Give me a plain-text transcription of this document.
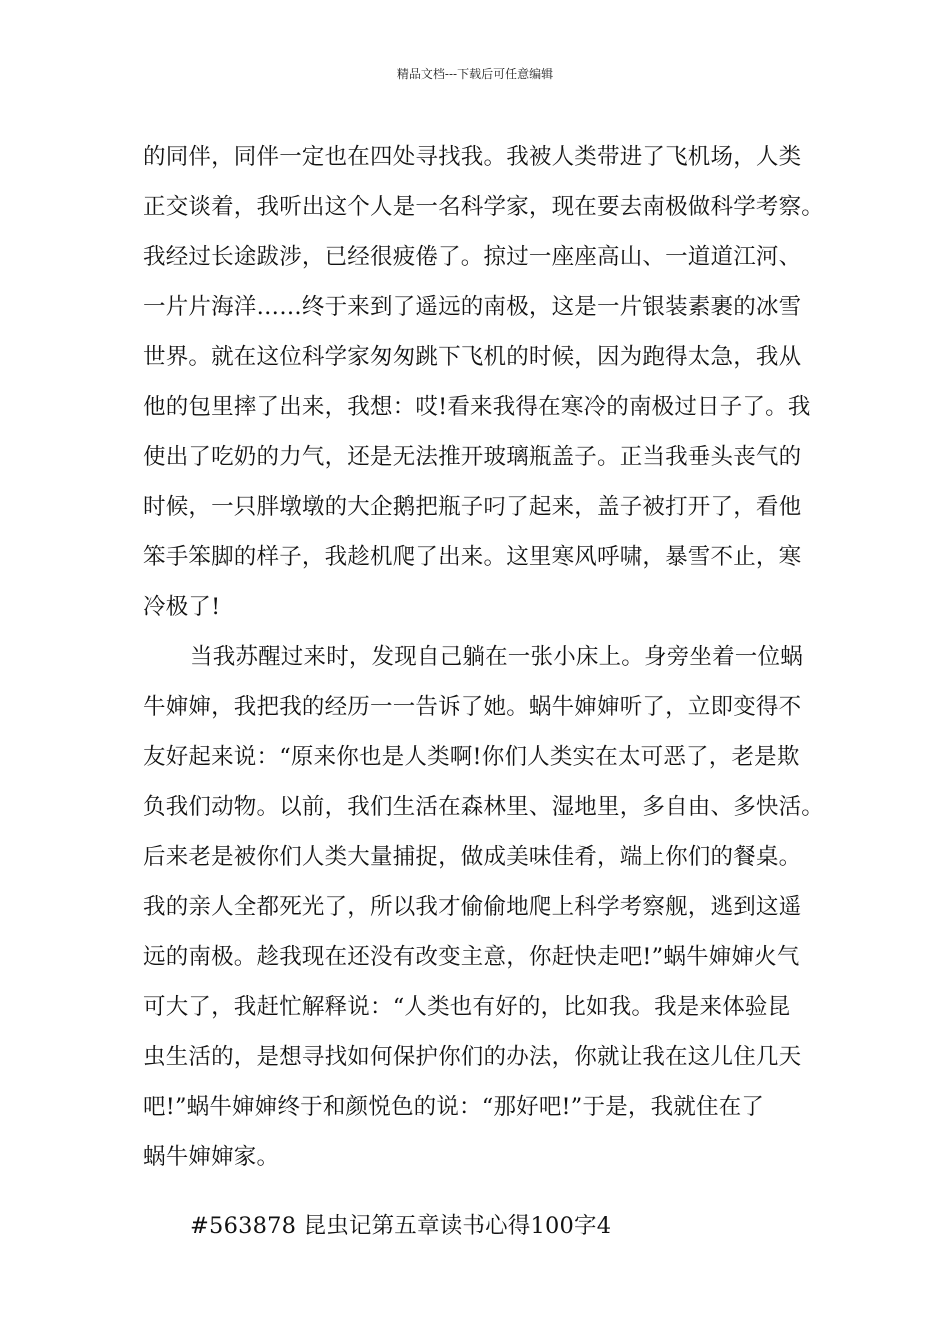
精品文档---下载后可任意编辑
的同伴，同伴一定也在四处寻找我。我被人类带进了飞机场，人类
正交谈着，我听出这个人是一名科学家，现在要去南极做科学考察。
我经过长途跋涉，已经很疲倦了。掠过一座座高山、一道道江河、
一片片海洋……终于来到了遥远的南极，这是一片银装素裹的冰雪
世界。就在这位科学家匆匆跳下飞机的时候，因为跑得太急，我从
他的包里摔了出来，我想：哎!看来我得在寒冷的南极过日子了。我
使出了吃奶的力气，还是无法推开玻璃瓶盖子。正当我垂头丧气的
时候，一只胖墩墩的大企鹅把瓶子叼了起来，盖子被打开了，看他
笨手笨脚的样子，我趁机爬了出来。这里寒风呼啸，暴雪不止，寒
冷极了!
当我苏醒过来时，发现自己躺在一张小床上。身旁坐着一位蜗
牛婶婶，我把我的经历一一告诉了她。蜗牛婶婶听了，立即变得不
友好起来说：“原来你也是人类啊!你们人类实在太可恶了，老是欺
负我们动物。以前，我们生活在森林里、湿地里，多自由、多快活。
后来老是被你们人类大量捕捉，做成美味佳肴，端上你们的餐桌。
我的亲人全都死光了，所以我才偷偷地爬上科学考察舰，逃到这遥
远的南极。趁我现在还没有改变主意，你赶快走吧!”蜗牛婶婶火气
可大了，我赶忙解释说：“人类也有好的，比如我。我是来体验昆
虫生活的，是想寻找如何保护你们的办法，你就让我在这儿住几天
吧!”蜗牛婶婶终于和颜悦色的说：“那好吧!”于是，我就住在了
蜗牛婶婶家。
#563878 昆虫记第五章读书心得100字4
